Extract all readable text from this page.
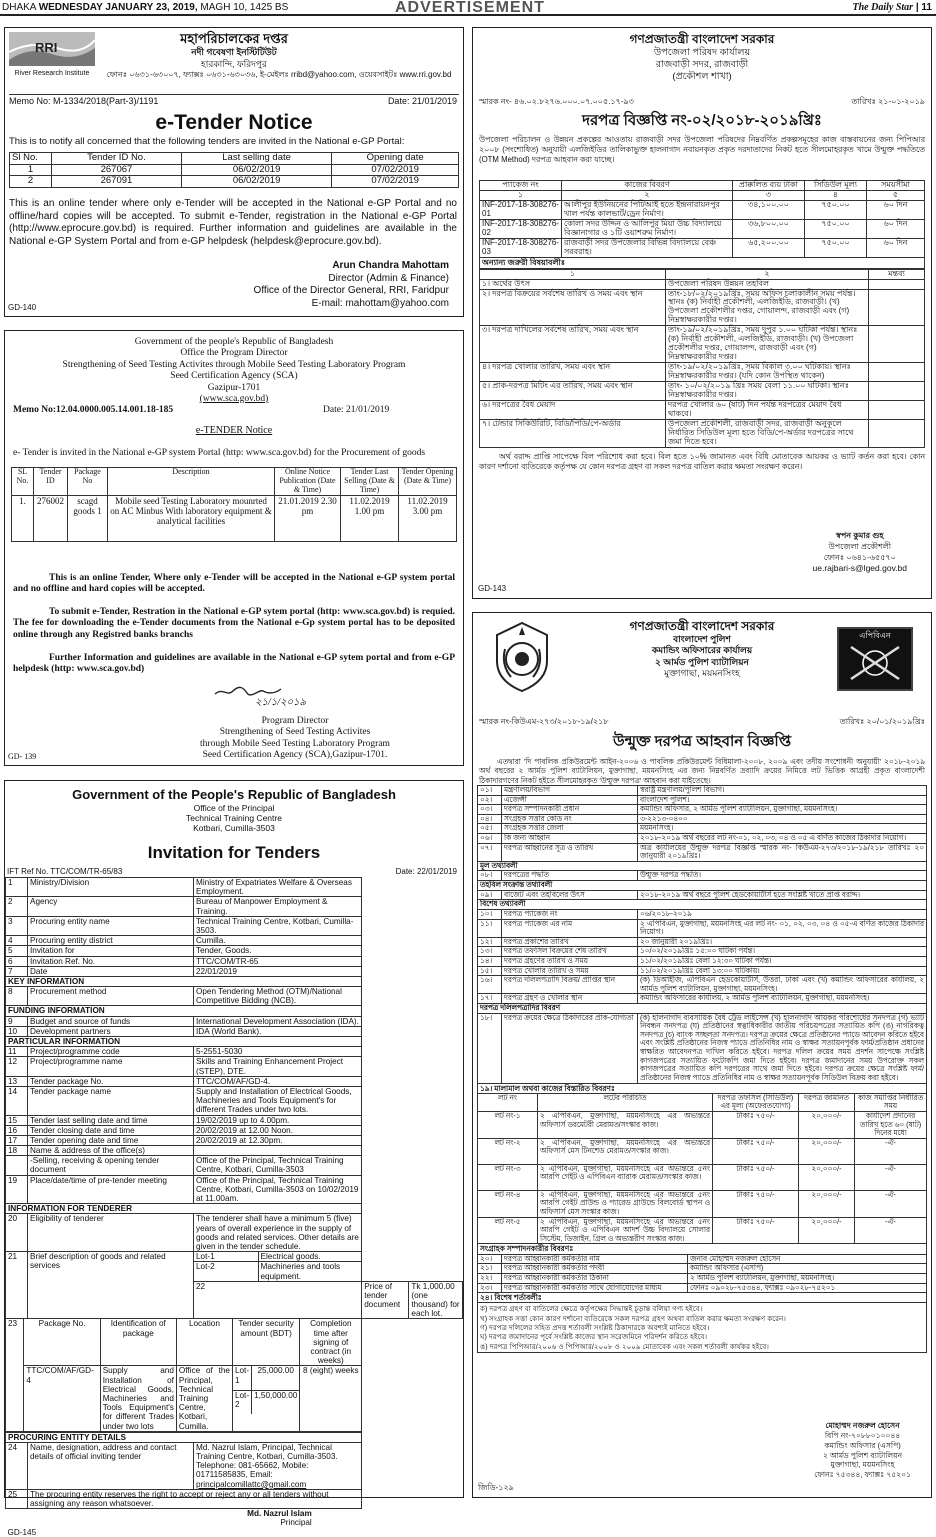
DHAKA WEDNESDAY JANUARY 23, 2019, MAGH 10, 1425 BS	ADVERTISEMENT	The Daily Star | 11
RRI
River Research Institute
মহাপরিচালকের দপ্তর
নদী গবেষণা ইনস্টিটিউট
হারকান্দি, ফরিদপুর
ফোনঃ ০৬৩১-৬৩০০৭, ফ্যাক্সঃ ০৬৩১-৬৩০৩৬, ই-মেইলঃ rribd@yahoo.com, ওয়েবসাইটঃ www.rri.gov.bd
Memo No: M-1334/2018(Part-3)/1191	Date: 21/01/2019
e-Tender Notice
This is to notify all concerned that the following tenders are invited in the National e-GP Portal:
Sl No.	Tender ID No.	Last selling date	Opening date
1	267067	06/02/2019	07/02/2019
2	267091	06/02/2019	07/02/2019
This is an online tender where only e-Tender will be accepted in the National e-GP Portal and no offline/hard copies will be accepted. To submit e-Tender, registration in the National e-GP Portal (http://www.eprocure.gov.bd) is required. Further information and guidelines are available in the National e-GP System Portal and from e-GP helpdesk (helpdesk@eprocure.gov.bd).
Arun Chandra Mahottam
Director (Admin & Finance)
Office of the Director General, RRI, Faridpur
E-mail: mahottam@yahoo.com
GD-140
Government of the people's Republic of Bangladesh
Office the Program Director
Strengthening of Seed Testing Activites through Mobile Seed Testing Laboratory Program
Seed Certification Agency (SCA)
Gazipur-1701
(www.sca.gov.bd)
Memo No:12.04.0000.005.14.001.18-185	Date: 21/01/2019
e-TENDER Notice
e- Tender is invited in the National e-GP system Portal (http: www.sca.gov.bd) for the Procurement of goods
SL No.	Tender ID	Package No	Description	Online Notice Publication (Date & Time)	Tender Last Selling (Date & Time)	Tender Opening (Date & Time)
1.	276002	scagd goods 1	Mobile seed Testing Laboratory mounrted on AC Minbus With laboratory equipment & analytical facilities	21.01.2019 2.30 pm	11.02.2019 1.00 pm	11.02.2019 3.00 pm
This is an online Tender, Where only e-Tender will be accepted in the National e-GP system portal and no offline and hard copies will be accepted.
To submit e-Tender, Restration in the National e-GP sytem portal (http: www.sca.gov.bd) is requied. The fee for downloading the e-Tender documents from the National e-Gp system portal has to be deposited online through any Registred banks branchs
Further Information and guidelines are available in the National e-GP sytem portal and from e-GP helpdesk (http: www.sca.gov.bd)
২১/১/২০১৯
Program Director
Strengthening of Seed Testing Activites
through Mobile Seed Testing Laboratory Program
Seed Certification Agency (SCA),Gazipur-1701.
GD- 139
Government of the People's Republic of Bangladesh
Office of the Principal
Technical Training Centre
Kotbari, Cumilla-3503
Invitation for Tenders
IFT Ref No. TTC/COM/TR-65/83	Date: 22/01/2019
1	Ministry/Division	Ministry of Expatriates Welfare & Overseas Employment.
2	Agency	Bureau of Manpower Employment & Training.
3	Procuring entity name	Technical Training Centre, Kotbari, Cumilla-3503.
4	Procuring entity district	Cumilla.
5	Invitation for	Tender, Goods.
6	Invitation Ref. No.	TTC/COM/TR-65
7	Date	22/01/2019
KEY INFORMATION
8	Procurement method	Open Tendering Method (OTM)/National Competitive Bidding (NCB).
FUNDING INFORMATION
9	Budget and source of funds	International Development Association (IDA).
10	Development partners	IDA (World Bank).
PARTICULAR INFORMATION
11	Project/programme code	5-2551-5030
12	Project/programme name	Skills and Training Enhancement Project (STEP), DTE.
13	Tender package No.	TTC/COM/AF/GD-4.
14	Tender package name	Supply and Installation of Electrical Goods, Machineries and Tools Equipment's for different Trades under two lots.
15	Tender last selling date and time	19/02/2019 up to 4.00pm.
16	Tender closing date and time	20/02/2019 at 12.00 Noon.
17	Tender opening date and time	20/02/2019 at 12.30pm.
18	Name & address of the office(s)	
	-Selling, receiving & opening tender document	Office of the Principal, Technical Training Centre, Kotbari, Cumilla-3503
19	Place/date/time of pre-tender meeting	Office of the Principal, Technical Training Centre, Kotbari, Cumilla-3503 on 10/02/2019 at 11.00am.
INFORMATION FOR TENDERER
20	Eligibility of tenderer	The tenderer shall have a minimum 5 (five) years of overall experience in the supply of goods and related services. Other details are given in the tender schedule.
21	Brief description of goods and related services	
Lot-1	Electrical goods.
Lot-2	Machineries and tools equipment.

22	Price of tender document	Tk 1,000.00 (one thousand) for each lot.

23	Package No.	Identification of package	Location	Tender security amount (BDT)	Completion time after signing of contract (in weeks)
TTC/COM/AF/GD-4	Supply and Installation of Electrical Goods, Machineries and Tools Equipment's for different Trades under two lots	Office of the Principal, Technical Training Centre, Kotbari, Cumilla.	
Lot-1	25,000.00
Lot-2	1,50,000.00
	8 (eight) weeks

PROCURING ENTITY DETAILS
24	Name, designation, address and contact details of official inviting tender	
Md. Nazrul Islam, Principal, Technical Training Centre, Kotbari, Cumilla-3503.
Telephone: 081-65662, Mobile: 01711585835, Email:
principalcomillattc@gmail.com

25	The procuring entity reserves the right to accept or reject any or all tenders without assigning any reason whatsoever.

Md. Nazrul Islam
Principal

GD-145
গণপ্রজাতন্ত্রী বাংলাদেশ সরকার
উপজেলা পরিষদ কার্যালয়
রাজবাড়ী সদর, রাজবাড়ী
(প্রকৌশল শাখা)
স্মারক নং- ৪৬.০২.৮২৭৬.০০০.০৭.০০৫.১৭-৯৩	তারিখঃ ২১-০১-২০১৯
দরপত্র বিজ্ঞপ্তি নং-০২/২০১৮-২০১৯খ্রিঃ
উপজেলা পরিচালন ও উন্নয়ন প্রকল্পের আওতায় রাজবাড়ী সদর উপজেলা পরিষদের নিম্নবর্ণিত প্রকল্পসমূহের কাজ বাস্তবায়নের জন্য পিপিআর ২০০৮ (সংশোধিত) অনুযায়ী এলজিইডির তালিকাভুক্ত হালনাগাদ নবায়নকৃত প্রকৃত দরদাতাদের নিকট হতে সীলমোহরকৃত খামে উন্মুক্ত পদ্ধতিতে (OTM Method) দরপত্র আহবান করা যাচ্ছে।
প্যাকেজ নং	কাজের বিবরণ	প্রাক্কলিত ব্যয় টাকা	সিডিউল মূল্য	সময়সীমা
১	২	৩	৪	৫
INF-2017-18-308276-01	আলীপুর ইউনিয়নের পিটিআই হতে ইন্দ্রনারায়নপুর খাল পর্যন্ত কালভার্ট/ড্রেন নির্মাণ।	৩৪,১০০.০০	৭৫০.০০	৬০ দিন
INF-2017-18-308276-02	কোলা সদর উদ্দিন ও আলিপুর মিয়া উচ্চ বিদ্যালয়ে বিজ্ঞানাগার ও ১টি ওয়াশরুম নির্মাণ।	৩৬,৮০০.০০	৭৫০.০০	৬০ দিন
INF-2017-18-308276-03	রাজবাড়ী সদর উপজেলার বিভিন্ন বিদ্যালয়ে বেঞ্চ সরবরাহ।	৬৫,২০০.০০	৭৫০.০০	৬০ দিন
অন্যান্য জরুরী বিষয়াবলীঃ
১	২	মন্তব্য
১। অর্থের উৎস	উপজেলা পরিষদ উন্নয়ন তহবিল	
২। দরপত্র বিক্রয়ের সর্বশেষ তারিখ ও সময় এবং স্থান	তাং-১৮/০২/২০১৯খ্রিঃ, সময় অফিস চলাকালীন সময় পর্যন্ত। স্থানঃ (ক) নির্বাহী প্রকৌশলী, এলজিইডি, রাজবাড়ী। (খ) উপজেলা প্রকৌশলীর দপ্তর, গোয়ালন্দ, রাজবাড়ী এবং (গ) নিম্নস্বাক্ষরকারীর দপ্তর।	
৩। দরপত্র দাখিলের সর্বশেষ তারিখ, সময় এবং স্থান	তাং-১৯/০২/২০১৯খ্রিঃ, সময় দুপুর ১.০০ ঘটিকা পর্যন্ত। স্থানঃ (ক) নির্বাহী প্রকৌশলী, এলজিইডি, রাজবাড়ী। (খ) উপজেলা প্রকৌশলীর দপ্তর, গোয়ালন্দ, রাজবাড়ী এবং (গ) নিম্নস্বাক্ষরকারীর দপ্তর।	
৪। দরপত্র খোলার তারিখ, সময় এবং স্থান	তাং-১৯/০২/২০১৯খ্রিঃ, সময় বিকাল ৩.০০ ঘটিকায়। স্থানঃ নিম্নস্বাক্ষরকারীর দপ্তর। (যদি কোন উপস্থিত থাকেন)	
৫। প্রাক-দরপত্র মিটিং এর তারিখ, সময় এবং স্থান	তাং- ১০/০২/২০১৯ খ্রিঃ সময় বেলা ১১.০০ ঘটিকা। স্থানঃ নিম্নস্বাক্ষরকারীর দপ্তর।	
৬। দরপত্রের বৈধ মেয়াদ	দরপত্র খোলার ৬০ (ষাট) দিন পর্যন্ত দরপত্রের মেয়াদ বৈধ থাকবে।	
৭। টেন্ডার সিকিউরিটি, বিডি/পিডি/পে-অর্ডার	উপজেলা প্রকৌশলী, রাজবাড়ী সদর, রাজবাড়ী অনুকূলে নির্ধারিত সিডিউল মূল্য হতে বিডি/পে-অর্ডার দরপত্রের সাথে জমা দিতে হবে।	
অর্থ বরাদ্দ প্রাপ্তি সাপেক্ষে বিল পরিশোধ করা হবে। বিল হতে ১০% জামানত এবং বিধি মোতাবেক আয়কর ও ভ্যাট কর্তন করা হবে। কোন কারণ দর্শানো ব্যতিরেকে কর্তৃপক্ষ যে কোন দরপত্র গ্রহণ বা সকল দরপত্র বাতিল করার ক্ষমতা সংরক্ষণ করেন।
স্বপন কুমার গুহ
উপজেলা প্রকৌশলী
ফোনঃ ০৬৪১-৬৫৫৭০
ue.rajbari-s@lged.gov.bd
GD-143
এপিবিএন
গণপ্রজাতন্ত্রী বাংলাদেশ সরকার
বাংলাদেশ পুলিশ
কমান্ডিং অফিসারের কার্যালয়
২ আর্মড পুলিশ ব্যাটালিয়ন
মুক্তাগাছা, ময়মনসিংহ
স্মারক নং-কিউএম-২৭৩/২০১৮-১৯/২১৮	তারিখঃ ২০/০১/২০১৯খ্রিঃ
উন্মুক্ত দরপত্র আহবান বিজ্ঞপ্তি
এতদ্বারা 'দি পাবলিক প্রকিউরমেন্ট আইন-২০০৬ ও পাবলিক প্রকিউরমেন্ট বিধিমালা-২০০৮, ২০০৯ এবং তদীয় সংশোধনী অনুযায়ী' ২০১৮-২০১৯ অর্থ বছরের ২ আর্মড পুলিশ ব্যাটালিয়ন, মুক্তাগাছা, ময়মনসিংহ এর জন্য নিম্নবর্ণিত দ্রব্যাদি ক্রয়ের নিমিত্তে লট ভিত্তিক আগ্রহী প্রকৃত বাংলাদেশী ঠিকাদারগণের নিকট হইতে সীলমোহরকৃত 'উন্মুক্ত দরপত্র' আহবান করা যাইতেছে।
০১।	মন্ত্রণালয়/বিভাগ	স্বরাষ্ট্র মন্ত্রণালয়/পুলিশ বিভাগ।
০২।	এজেন্সী	বাংলাদেশ পুলিশ।
০৩।	দরপত্র সম্পাদনকারী প্রধান	কমান্ডিং অফিসার, ২ আর্মড পুলিশ ব্যাটালিয়ন, মুক্তাগাছা, ময়মনসিংহ।
০৪।	সংগ্রহক সত্তার কোড নং	৩-২২১৩-০৪০০
০৫।	সংগ্রহক সত্তার জেলা	ময়মনসিংহ।
০৬।	কি জন্য আহ্বান	২০১৮-২০১৯ অর্থ বছরের লট নং-০১, ০২, ০৩, ০৪ ও ০৫ এ বর্ণিত কাজের ঠিকাদার নিয়োগ।
০৭।	দরপত্র আহ্বানের সূত্র ও তারিখ	অত্র কার্যালয়ের উন্মুক্ত দরপত্র বিজ্ঞপ্তি স্মারক নং- কিউএম-২৭৩/২০১৮-১৯/২১৮ তারিখঃ ২০ জানুয়ারী ২০১৯খ্রিঃ।
মূল তথ্যাবলী		
০৮।	দরপত্রের পদ্ধতি	উন্মুক্ত দরপত্র পদ্ধতি।
তহবিল সংক্রান্ত তথ্যাবলী		
০৯।	বাজেট এবং তহবিলের উৎস	২০১৮-২০১৯ অর্থ বছরে পুলিশ হেডকোয়ার্টার্স হতে সংশ্লিষ্ট খাতে প্রাপ্ত বরাদ্দ।
বিশেষ তথ্যাবলী		
১০।	দরপত্র প্যাকেজ নং	০৬/২০১৮-২০১৯
১১।	দরপত্র প্যাকেজ এর নাম	২ এপিবিএন, মুক্তাগাছা, ময়মনসিংহ এর লট নং- ০১, ০২, ০৩, ০৪ ও ০৫-এ বর্ণিত কাজের ঠিকাদার নিয়োগ।
১২।	দরপত্র প্রকাশের তারিখ	২০ জানুয়ারী ২০১৯খ্রিঃ।
১৩।	দরপত্র তফসিল বিক্রয়ের শেষ তারিখ	১০/০২/২০১৯খ্রিঃ ১৫:০০ ঘটিকা পর্যন্ত।
১৪।	দরপত্র গ্রহণের তারিখ ও সময়	১১/০২/২০১৯খ্রিঃ বেলা ১২:৩০ ঘটিকা পর্যন্ত।
১৫।	দরপত্র খোলার তারিখ ও সময়	১১/০২/২০১৯খ্রিঃ বেলা ১৩:০০ ঘটিকায়।
১৬।	দরপত্র দলিলপত্রাদি বিক্রয়/ প্রাপ্তির স্থান	(ক) ডিআইজি, এপিবিএন হেডকোয়ার্টার্স, উত্তরা, ঢাকা এবং (খ) কমান্ডিং অফিসারের কার্যালয়, ২ আর্মড পুলিশ ব্যাটালিয়ন, মুক্তাগাছা, ময়মনসিংহ।
১৭।	দরপত্র গ্রহণ ও খোলার স্থান	কমান্ডিং অফিসারের কার্যালয়, ২ আর্মড পুলিশ ব্যাটালিয়ন, মুক্তাগাছা, ময়মনসিংহ।
দরপত্র দলিলপত্রাদির বিবরণ		
১৮।	দরপত্র ক্রয়ের ক্ষেত্রে ঠিকাদারের প্রাক-যোগ্যতা	(ক) হালনাগাদ ব্যবসায়িক বৈধ ট্রেড লাইসেন্স (খ) হালনাগাদ আয়কর পরিশোধের সনদপত্র (গ) ভ্যাট নিবন্ধন সনদপত্র (ঘ) প্রতিষ্ঠানের স্বত্বাধিকারীর জাতীয় পরিচয়পত্রের সত্যায়িত কপি (ঙ) নাগরিকত্ব সনদপত্র (চ) ব্যাংক সচ্ছলতা সনদপত্র। দরপত্র ক্রয়ের ক্ষেত্রে প্রতিষ্ঠানের প্যাডে আবেদন করিতে হইবে এবং সংশ্লিষ্ট প্রতিষ্ঠানের নিজস্ব প্যাডে প্রতিনিধির নাম ও স্বাক্ষর সত্যায়নপূর্বক ফার্ম/প্রতিষ্ঠান প্রধানের স্বাক্ষরিত আবেদনপত্র দাখিল করিতে হইবে। দরপত্র দলিল ক্রয়ের সময় প্রদর্শন সাপেক্ষে সংশ্লিষ্ট কাগজপত্রের সত্যায়িত ফটোকপি জমা দিতে হইবে। দরপত্র জমাদানের সময় উপরোক্ত সকল কাগজপত্রের সত্যায়িত কপি দরপত্রের সাথে জমা দিতে হইবে। দরপত্র ক্রয়ের ক্ষেত্রে সংশ্লিষ্ট ফার্ম/প্রতিষ্ঠানের নিজস্ব প্যাডে প্রতিনিধির নাম ও স্বাক্ষর সত্যায়নপূর্বক সিডিউল বিক্রয় করা হইবে।
১৯। মালামাল অথবা কাজের বিস্তারিত বিবরণঃ
লট নং	লটের পরিচিতি	দরপত্র তফসিল (সিডিউল) এর মূল্য (অফেরতযোগ্য)	দরপত্র জামানত	কাজ সমাপ্তির নির্ধারিত সময়
লট নং-১	২ এপিবিএন, মুক্তাগাছা, ময়মনসিংহে এর অভ্যন্তরে অফিসার্স ডরমেটরী মেরামত/সংস্কার কাজ।	টাকাঃ ৭৫০/-	২০,০০০/-	কার্যাদেশ প্রদানের তারিখ হতে ৬০ (ষাট) দিনের মধ্যে
লট নং-২	২ এপিবিএন, মুক্তাগাছা, ময়মনসিংহে এর অভ্যন্তরে অফিসার্স মেস টিনশেড মেরামত/সংস্কার কাজ।	টাকাঃ ৭৫০/-	২০,০০০/-	-ঐ-
লট নং-৩	২ এপিবিএন, মুক্তাগাছা, ময়মনসিংহে এর অভ্যন্তরে ৫নং আরপি গেইট ও এপিবিএন ব্যারাক মেরামত/সংস্কার কাজ।	টাকাঃ ৭৫০/-	২০,০০০/-	-ঐ-
লট নং-৪	২ এপিবিএন, মুক্তাগাছা, ময়মনসিংহে এর অভ্যন্তরে ৫নং আরপি গেইট প্রাউন্ড ও প্যারেড গ্রাউন্ডে বিলবোর্ড স্থাপন ও অফিসার্স মেস সংস্কার কাজ।	টাকাঃ ৭৫০/-	২০,০০০/-	-ঐ-
লট নং-৫	২ এপিবিএন, মুক্তাগাছা, ময়মনসিংহে এর অভ্যন্তরে ৫নং আরপি গেইট ও এপিবিএন আদর্শ উচ্চ বিদ্যালয়ে সোলার সিস্টেম, ডিজাইন, গ্রিল ও অভ্যন্তরীণ সংস্কার কাজ।	টাকাঃ ৭৫০/-	২০,০০০/-	-ঐ-
সংগ্রাহক সম্পাদনকারীর বিবরণঃ
২০।	দরপত্র আহ্বানকারী কর্মকর্তার নাম	জনাব মোহাম্মদ নজরুল হোসেন
২১।	দরপত্র আহ্বানকারী কর্মকর্তার পদবী	কমান্ডিং অফিসার (এসপি)
২২।	দরপত্র আহ্বানকারী কর্মকর্তার ঠিকানা	২ আর্মড পুলিশ ব্যাটালিয়ন, মুক্তাগাছা, ময়মনসিংহ।
২৩।	দরপত্র আহ্বানকারী কর্মকর্তার সাথে যোগাযোগের মাধ্যম	ফোনঃ ০৯০২৮-৭৫৩৪৪, ফ্যাক্সঃ ০৯০২৮-৭৫২০১
২৪। বিশেষ শর্তাবলীঃ
ক) দরপত্র গ্রহণ বা বাতিলের ক্ষেত্রে কর্তৃপক্ষের সিদ্ধান্তই চূড়ান্ত বলিয়া গণ্য হইবে।
খ) সংগ্রাহক সত্তা কোন কারণ দর্শানো ব্যতিরেকে সকল দরপত্র গ্রহণ অথবা বাতিল করার ক্ষমতা সংরক্ষণ করেন।
গ) দরপত্র দলিলের সহিত প্রদত্ত শর্তাবলী সংশ্লিষ্ট ঠিকাদারকে অবশ্যই মানিতে হইবে।
ঘ) দরপত্র জমাদানের পূর্বে সংশ্লিষ্ট কাজের স্থান সরেজমিনে পরিদর্শন করিতে হইবে।
ঙ) দরপত্র পিপিআর/২০০৬ ও পিপিআর/২০০৮ ও ২০০৯ মোতাবেক এবং সকল শর্তাবলী কার্যকর হইবে।
মোহাম্মদ নজরুল হোসেন
বিপি নং-৭০৮৮০১০০৪৪
কমান্ডিং অফিসার (এসপি)
২ আর্মড পুলিশ ব্যাটালিয়ন
মুক্তাগাছা, ময়মনসিংহ
ফোনঃ ৭৫৩৪৪, ফ্যাক্সঃ ৭৫২০১
জিডি-১২৯
